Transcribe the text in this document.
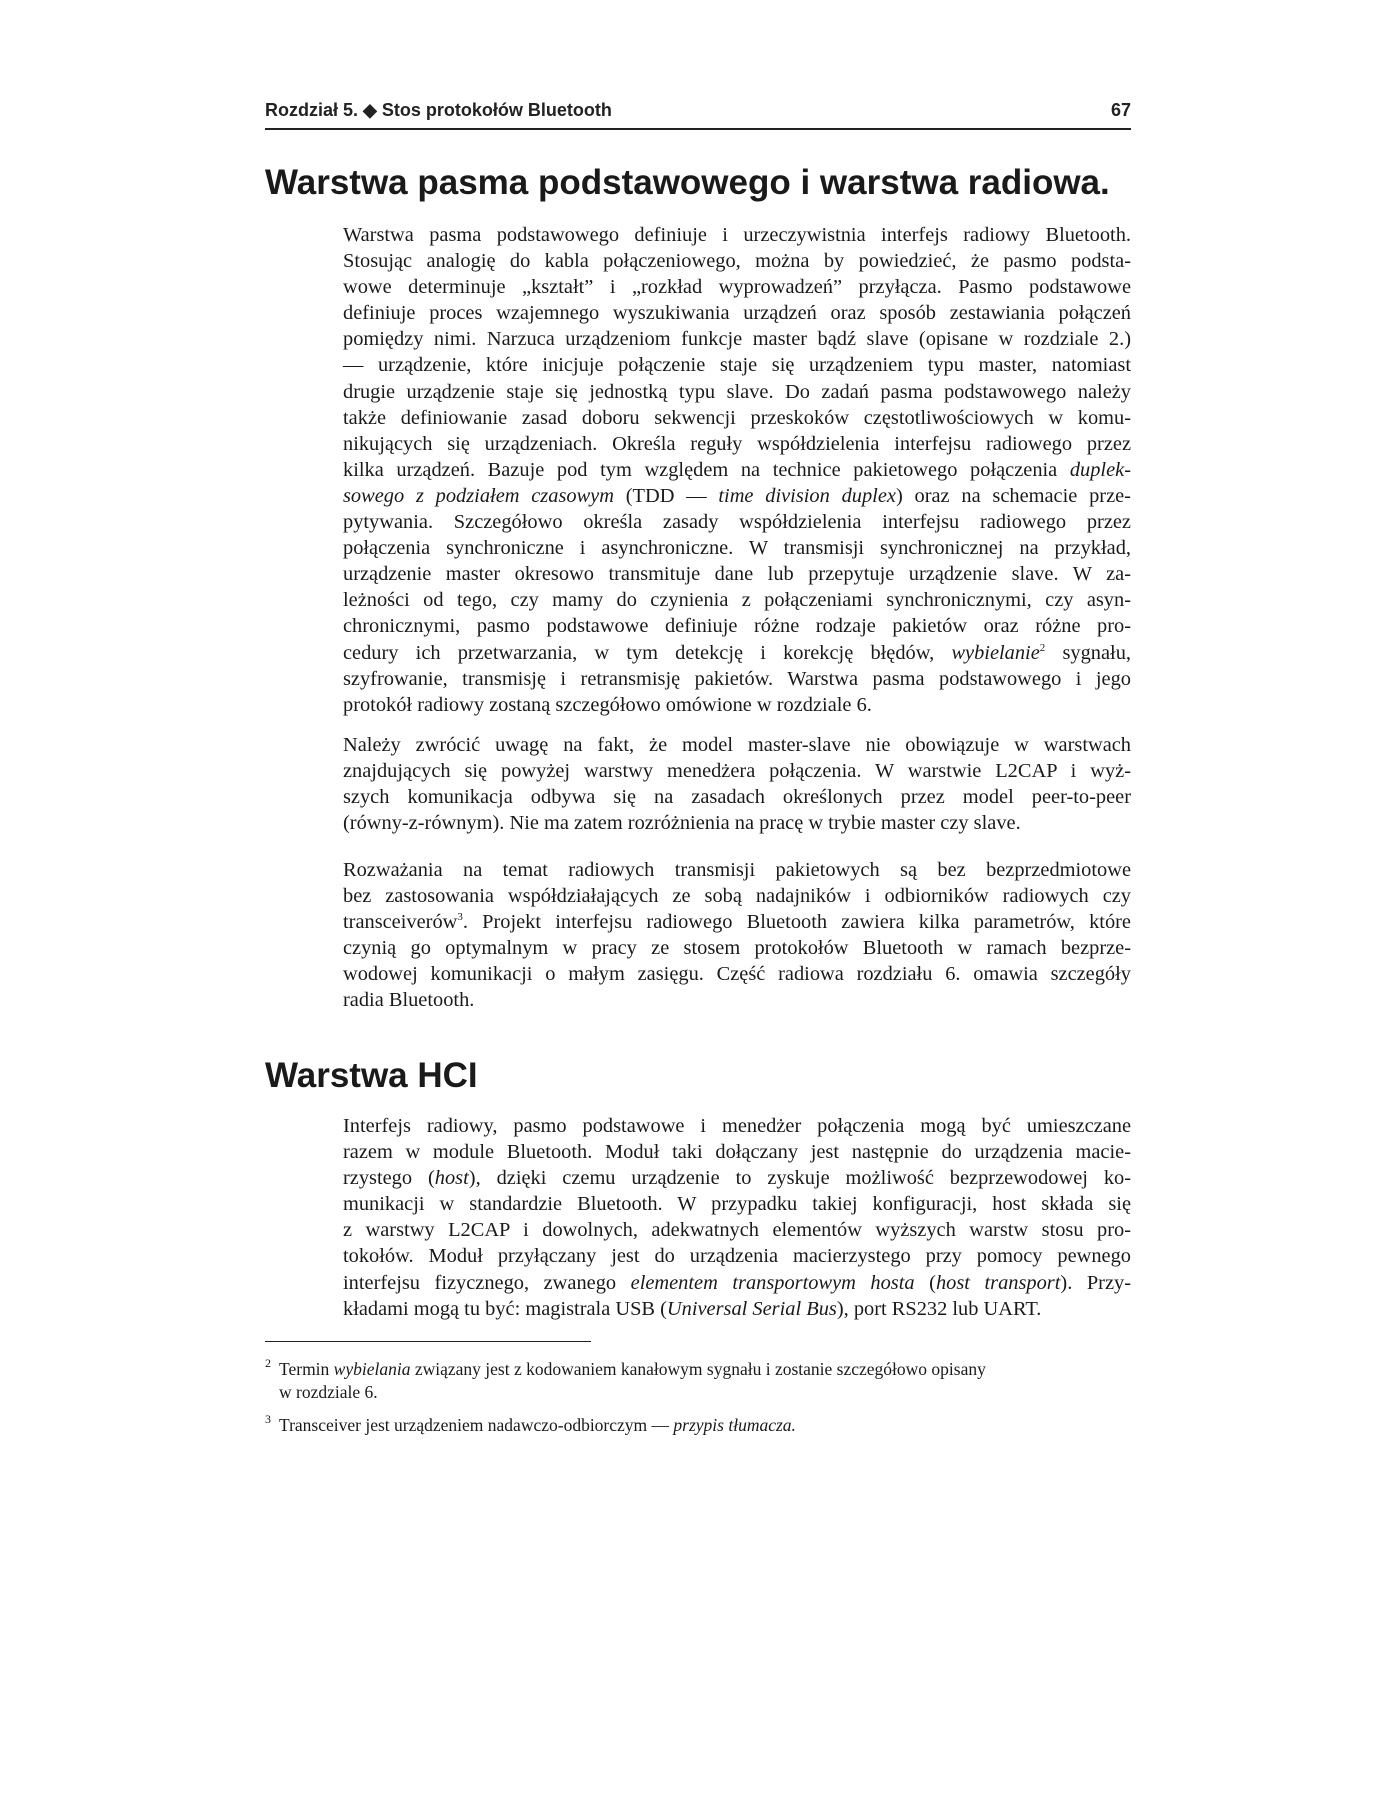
Rozdział 5. ◆ Stos protokołów Bluetooth	67
Warstwa pasma podstawowego i warstwa radiowa.

Warstwa pasma podstawowego definiuje i urzeczywistnia interfejs radiowy Bluetooth.
Stosując analogię do kabla połączeniowego, można by powiedzieć, że pasmo podsta-
wowe determinuje „kształt” i „rozkład wyprowadzeń” przyłącza. Pasmo podstawowe
definiuje proces wzajemnego wyszukiwania urządzeń oraz sposób zestawiania połączeń
pomiędzy nimi. Narzuca urządzeniom funkcje master bądź slave (opisane w rozdziale 2.)
— urządzenie, które inicjuje połączenie staje się urządzeniem typu master, natomiast
drugie urządzenie staje się jednostką typu slave. Do zadań pasma podstawowego należy
także definiowanie zasad doboru sekwencji przeskoków częstotliwościowych w komu-
nikujących się urządzeniach. Określa reguły współdzielenia interfejsu radiowego przez
kilka urządzeń. Bazuje pod tym względem na technice pakietowego połączenia duplek-
sowego z podziałem czasowym (TDD — time division duplex) oraz na schemacie prze-
pytywania. Szczegółowo określa zasady współdzielenia interfejsu radiowego przez
połączenia synchroniczne i asynchroniczne. W transmisji synchronicznej na przykład,
urządzenie master okresowo transmituje dane lub przepytuje urządzenie slave. W za-
leżności od tego, czy mamy do czynienia z połączeniami synchronicznymi, czy asyn-
chronicznymi, pasmo podstawowe definiuje różne rodzaje pakietów oraz różne pro-
cedury ich przetwarzania, w tym detekcję i korekcję błędów, wybielanie$^2$ sygnału,
szyfrowanie, transmisję i retransmisję pakietów. Warstwa pasma podstawowego i jego
protokół radiowy zostaną szczegółowo omówione w rozdziale 6.

Należy zwrócić uwagę na fakt, że model master-slave nie obowiązuje w warstwach
znajdujących się powyżej warstwy menedżera połączenia. W warstwie L2CAP i wyż-
szych komunikacja odbywa się na zasadach określonych przez model peer-to-peer
(równy-z-równym). Nie ma zatem rozróżnienia na pracę w trybie master czy slave.

Rozważania na temat radiowych transmisji pakietowych są bez bezprzedmiotowe
bez zastosowania współdziałających ze sobą nadajników i odbiorników radiowych czy
transceiverów$^3$. Projekt interfejsu radiowego Bluetooth zawiera kilka parametrów, które
czynią go optymalnym w pracy ze stosem protokołów Bluetooth w ramach bezprze-
wodowej komunikacji o małym zasięgu. Część radiowa rozdziału 6. omawia szczegóły
radia Bluetooth.

Warstwa HCI

Interfejs radiowy, pasmo podstawowe i menedżer połączenia mogą być umieszczane
razem w module Bluetooth. Moduł taki dołączany jest następnie do urządzenia macie-
rzystego (host), dzięki czemu urządzenie to zyskuje możliwość bezprzewodowej ko-
munikacji w standardzie Bluetooth. W przypadku takiej konfiguracji, host składa się
z warstwy L2CAP i dowolnych, adekwatnych elementów wyższych warstw stosu pro-
tokołów. Moduł przyłączany jest do urządzenia macierzystego przy pomocy pewnego
interfejsu fizycznego, zwanego elementem transportowym hosta (host transport). Przy-
kładami mogą tu być: magistrala USB (Universal Serial Bus), port RS232 lub UART.

2 Termin wybielania związany jest z kodowaniem kanałowym sygnału i zostanie szczegółowo opisany
w rozdziale 6.
3 Transceiver jest urządzeniem nadawczo-odbiorczym — przypis tłumacza.
